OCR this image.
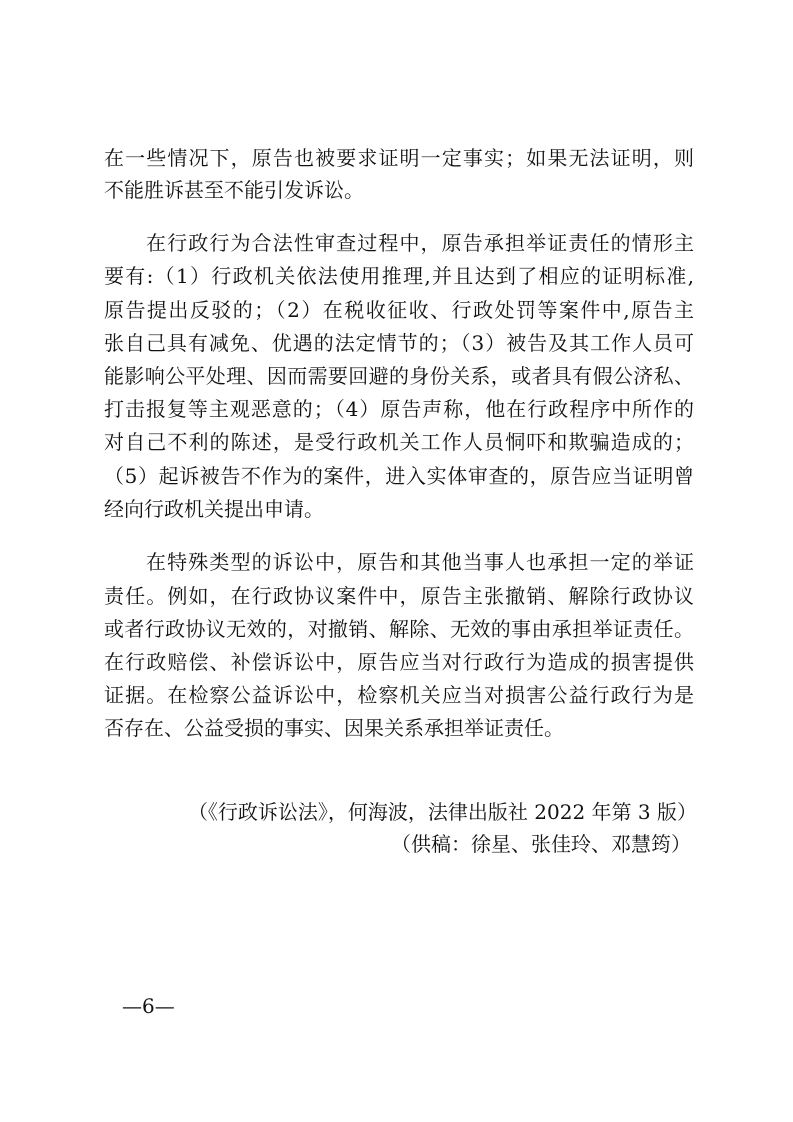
在一些情况下，原告也被要求证明一定事实；如果无法证明，则
不能胜诉甚至不能引发诉讼。
在行政行为合法性审查过程中，原告承担举证责任的情形主
要有:（1）行政机关依法使用推理,并且达到了相应的证明标准,
原告提出反驳的；（2）在税收征收、行政处罚等案件中,原告主
张自己具有减免、优遇的法定情节的；（3）被告及其工作人员可
能影响公平处理、因而需要回避的身份关系，或者具有假公济私、
打击报复等主观恶意的；（4）原告声称，他在行政程序中所作的
对自己不利的陈述，是受行政机关工作人员恫吓和欺骗造成的；
（5）起诉被告不作为的案件，进入实体审查的，原告应当证明曾
经向行政机关提出申请。
在特殊类型的诉讼中，原告和其他当事人也承担一定的举证
责任。例如，在行政协议案件中，原告主张撤销、解除行政协议
或者行政协议无效的，对撤销、解除、无效的事由承担举证责任。
在行政赔偿、补偿诉讼中，原告应当对行政行为造成的损害提供
证据。在检察公益诉讼中，检察机关应当对损害公益行政行为是
否存在、公益受损的事实、因果关系承担举证责任。
（《行政诉讼法》，何海波，法律出版社 2022 年第 3 版）
（供稿：徐星、张佳玲、邓慧筠）
—6—
